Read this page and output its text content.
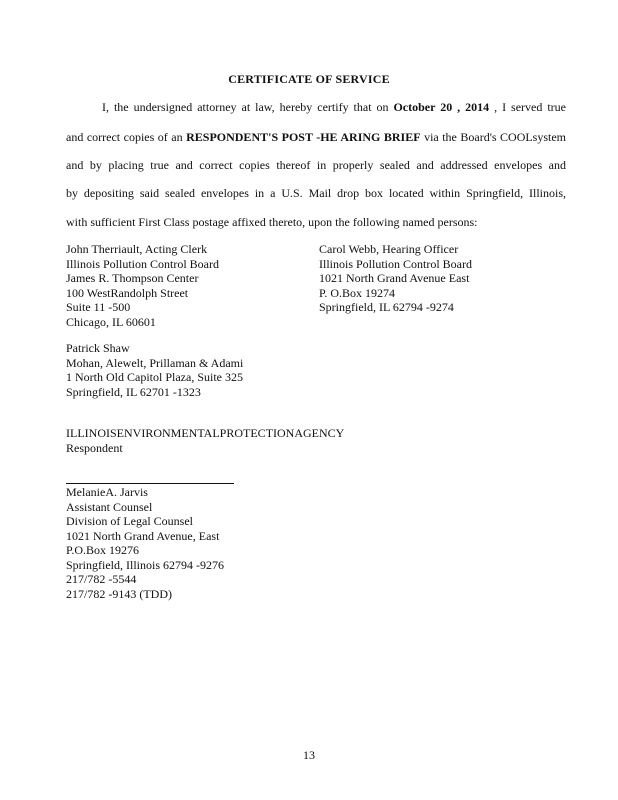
CERTIFICATE OF SERVICE
I, the undersigned attorney at law, hereby certify that on October 20 , 2014 , I served true
and correct copies of an RESPONDENT'S POST -HE ARING BRIEF via the Board's COOLsystem
and by placing true and correct copies thereof in properly sealed and addressed envelopes and
by depositing said sealed envelopes in a U.S. Mail drop box located within Springfield, Illinois,
with sufficient First Class postage affixed thereto, upon the following named persons:
John Therriault, Acting Clerk
Illinois Pollution Control Board
James R. Thompson Center
100 WestRandolph Street
Suite 11 -500
Chicago, IL 60601
Carol Webb, Hearing Officer
Illinois Pollution Control Board
1021 North Grand Avenue East
P. O.Box 19274
Springfield, IL 62794 -9274
Patrick Shaw
Mohan, Alewelt, Prillaman & Adami
1 North Old Capitol Plaza, Suite 325
Springfield, IL 62701 -1323
ILLINOISENVIRONMENTALPROTECTIONAGENCY
Respondent
MelanieA. Jarvis
Assistant Counsel
Division of Legal Counsel
1021 North Grand Avenue, East
P.O.Box 19276
Springfield, Illinois 62794 -9276
217/782 -5544
217/782 -9143 (TDD)
13
